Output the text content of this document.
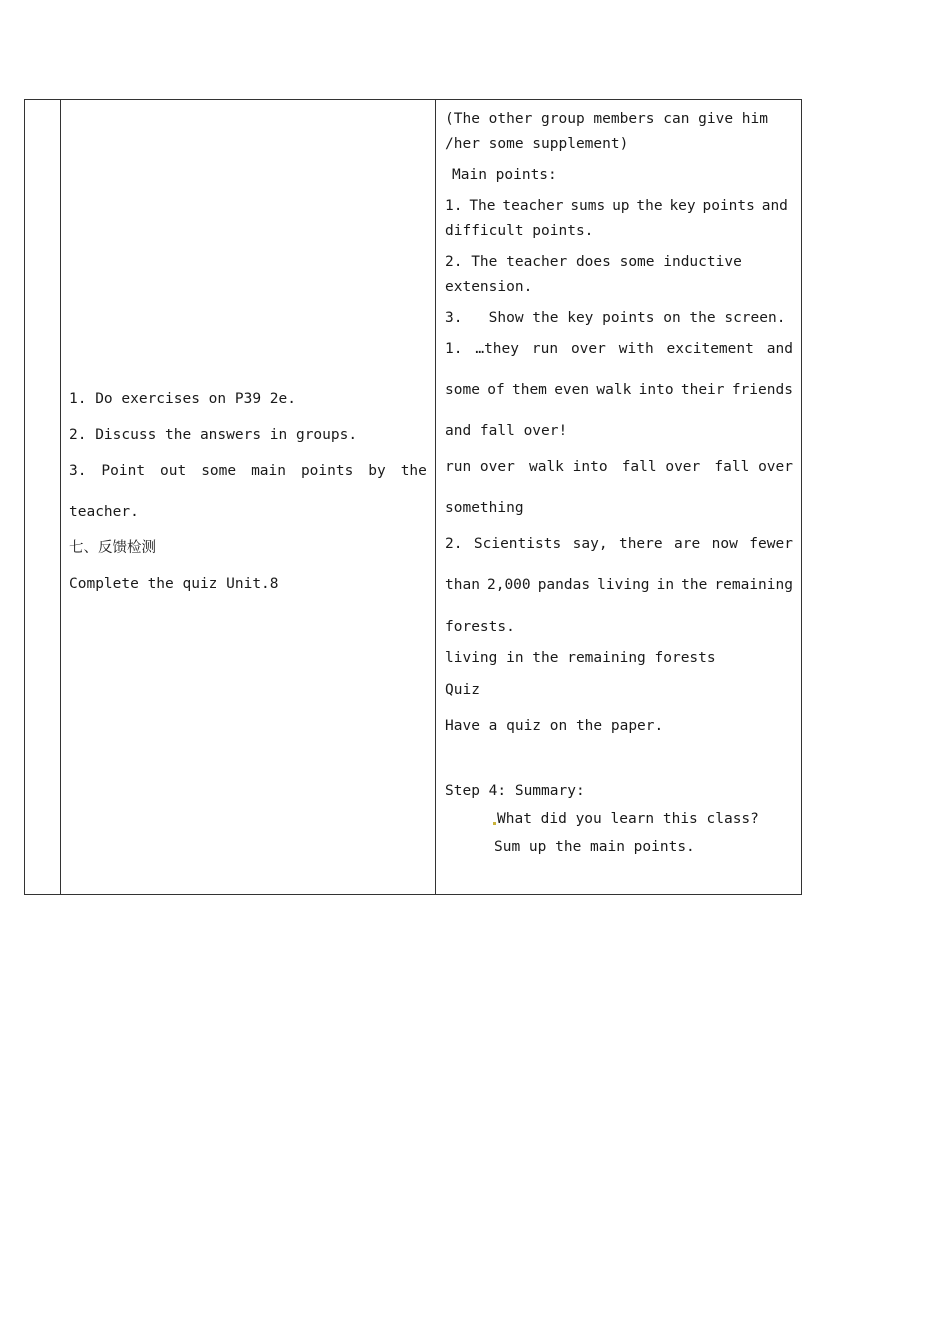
1. Do exercises on P39 2e.
2. Discuss the answers in groups.
3. Point out some main points by the
teacher.
七、反馈检测
Complete the quiz Unit.8
(The other group members can give him
/her some supplement)
Main points:
1. The teacher sums up the key points and
difficult points.
2. The teacher does some inductive
extension.
3.   Show the key points on the screen.
1. …they run over with excitement and
some of them even walk into their friends
and fall over!
run over walk into fall over fall over
something
2. Scientists say, there are now fewer
than 2,000 pandas living in the remaining
forests.
living in the remaining forests
Quiz
Have a quiz on the paper.
Step 4: Summary:
What did you learn this class?
Sum up the main points.
